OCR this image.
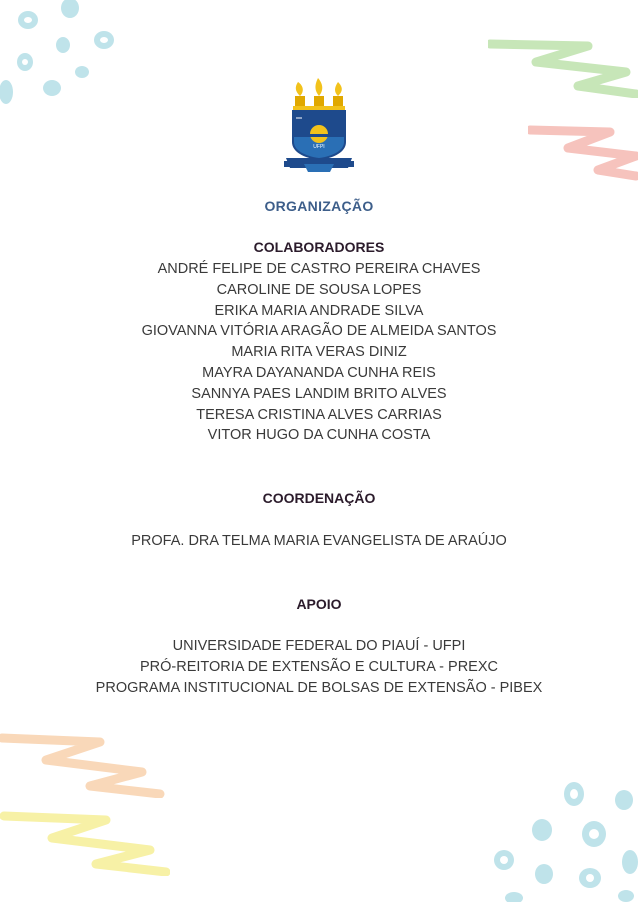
UFPI
ORGANIZAÇÃO
COLABORADORES
ANDRÉ FELIPE DE CASTRO PEREIRA CHAVES
CAROLINE DE SOUSA LOPES
ERIKA MARIA ANDRADE SILVA
GIOVANNA VITÓRIA ARAGÃO DE ALMEIDA SANTOS
MARIA RITA VERAS DINIZ
MAYRA DAYANANDA CUNHA REIS
SANNYA PAES LANDIM BRITO ALVES
TERESA CRISTINA ALVES CARRIAS
VITOR HUGO DA CUNHA COSTA
COORDENAÇÃO
PROFA. DRA TELMA MARIA EVANGELISTA DE ARAÚJO
APOIO
UNIVERSIDADE FEDERAL DO PIAUÍ - UFPI
PRÓ-REITORIA DE EXTENSÃO E CULTURA - PREXC
PROGRAMA INSTITUCIONAL DE BOLSAS DE EXTENSÃO - PIBEX
